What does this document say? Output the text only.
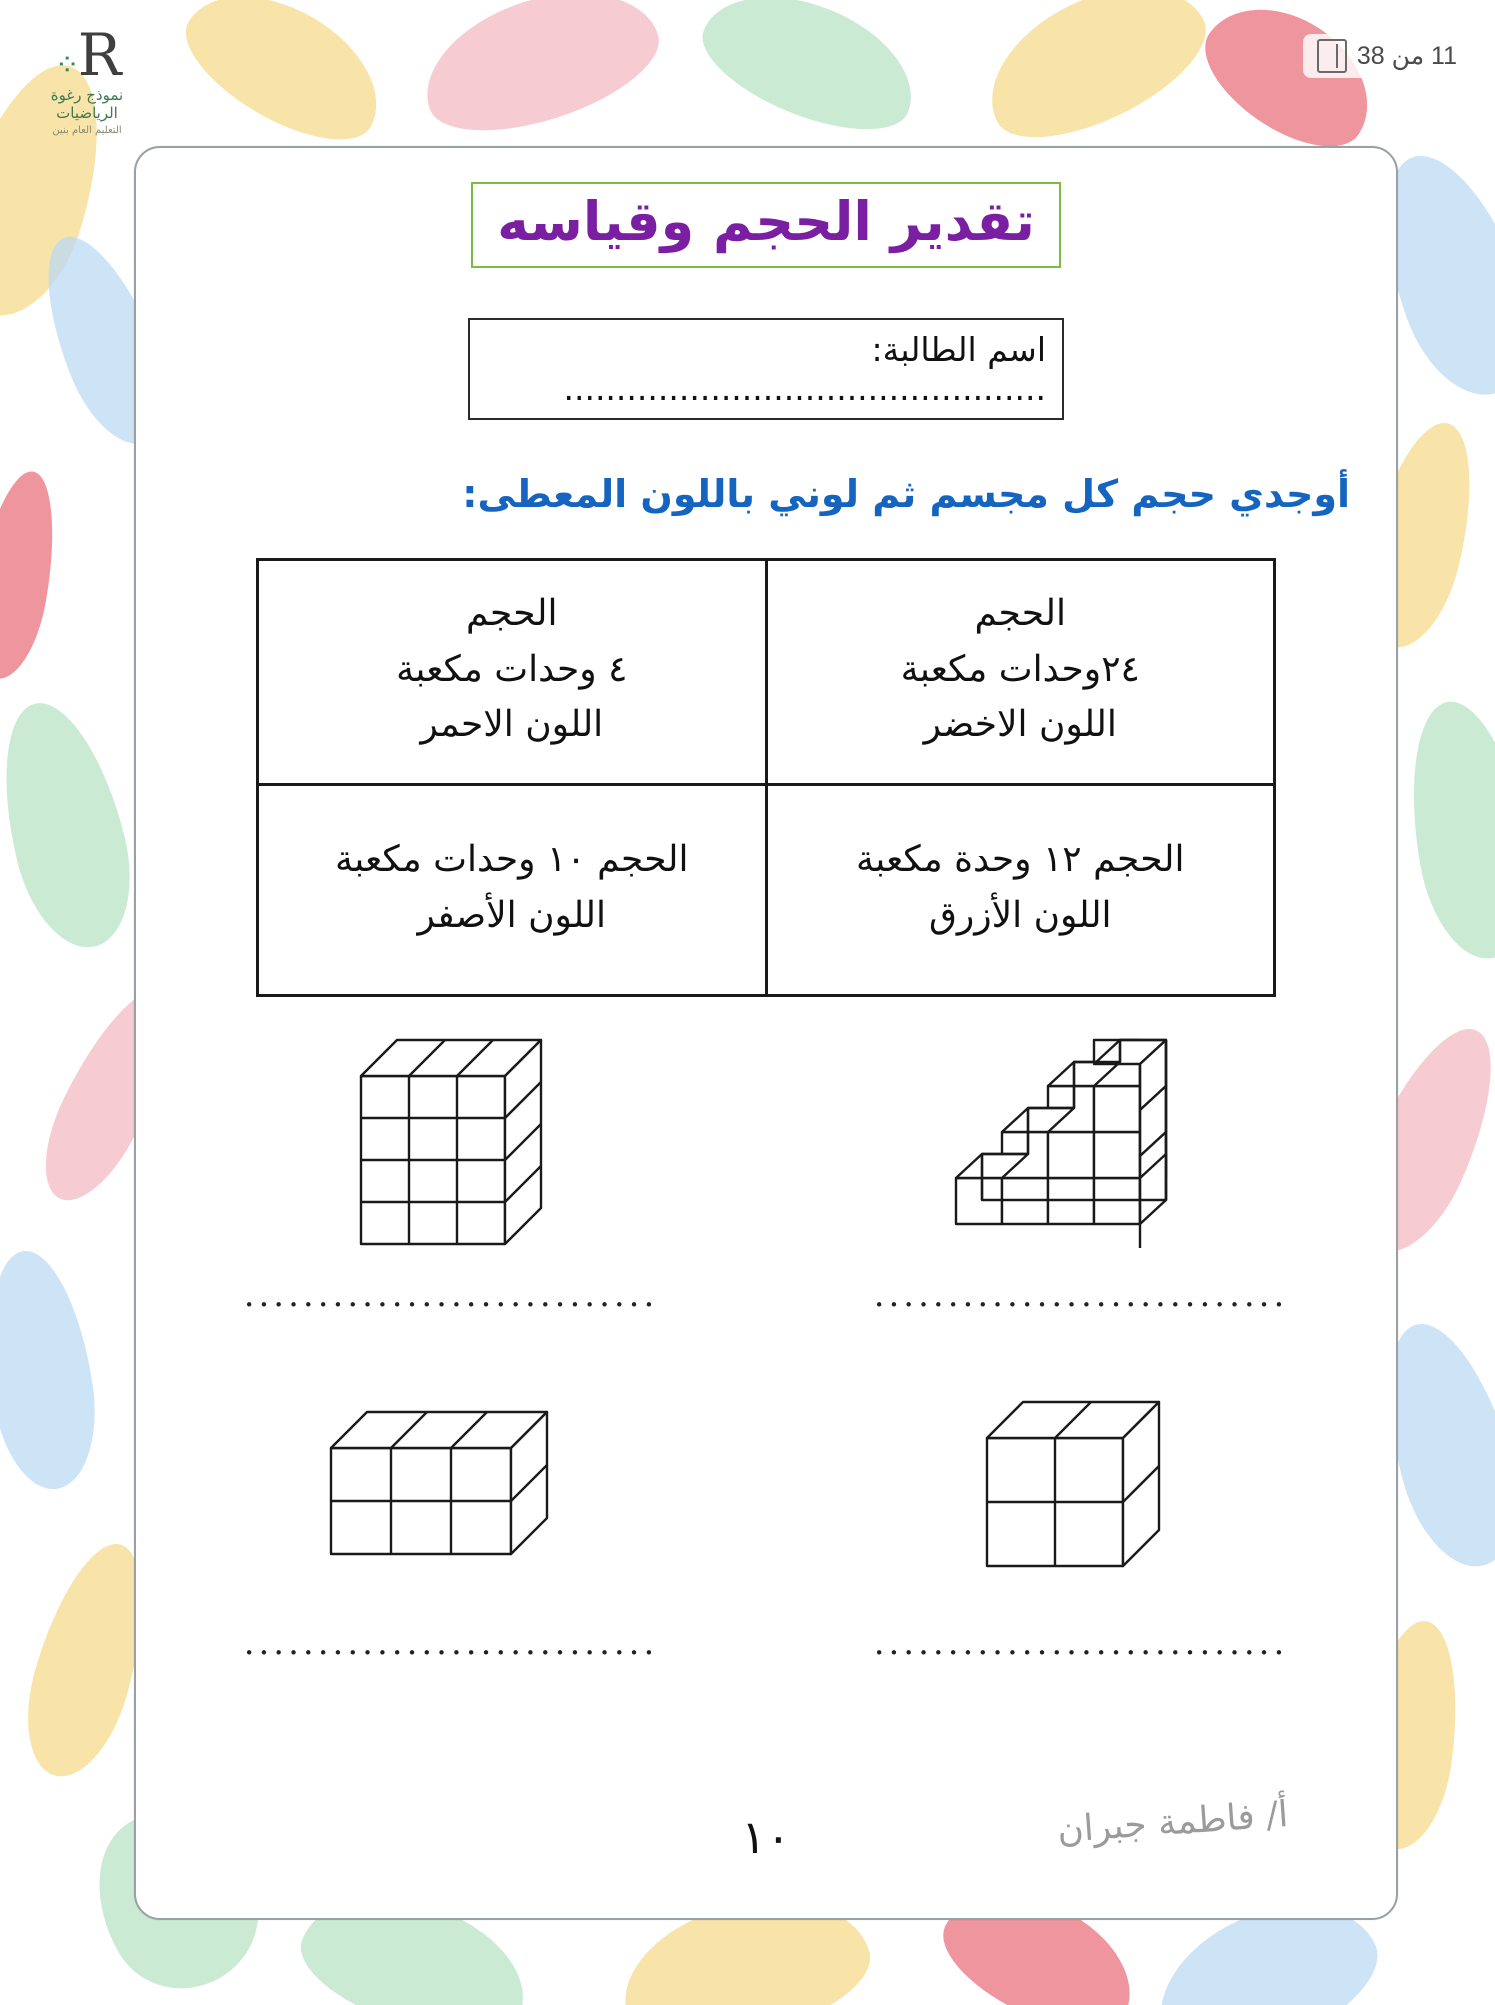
R⁘
نموذج رغوة الرياضيات
التعليم العام بنين
11 من 38
تقدير الحجم وقياسه
اسم الطالبة: ..............................................
أوجدي حجم كل مجسم ثم لوني باللون المعطى:
الحجم
٢٤وحدات مكعبة
اللون الاخضر

الحجم
٤ وحدات مكعبة
اللون الاحمر

الحجم ١٢ وحدة مكعبة
اللون الأزرق

الحجم ١٠ وحدات مكعبة
اللون الأصفر
............................
............................
............................
............................
أ/ فاطمة جبران
١٠
